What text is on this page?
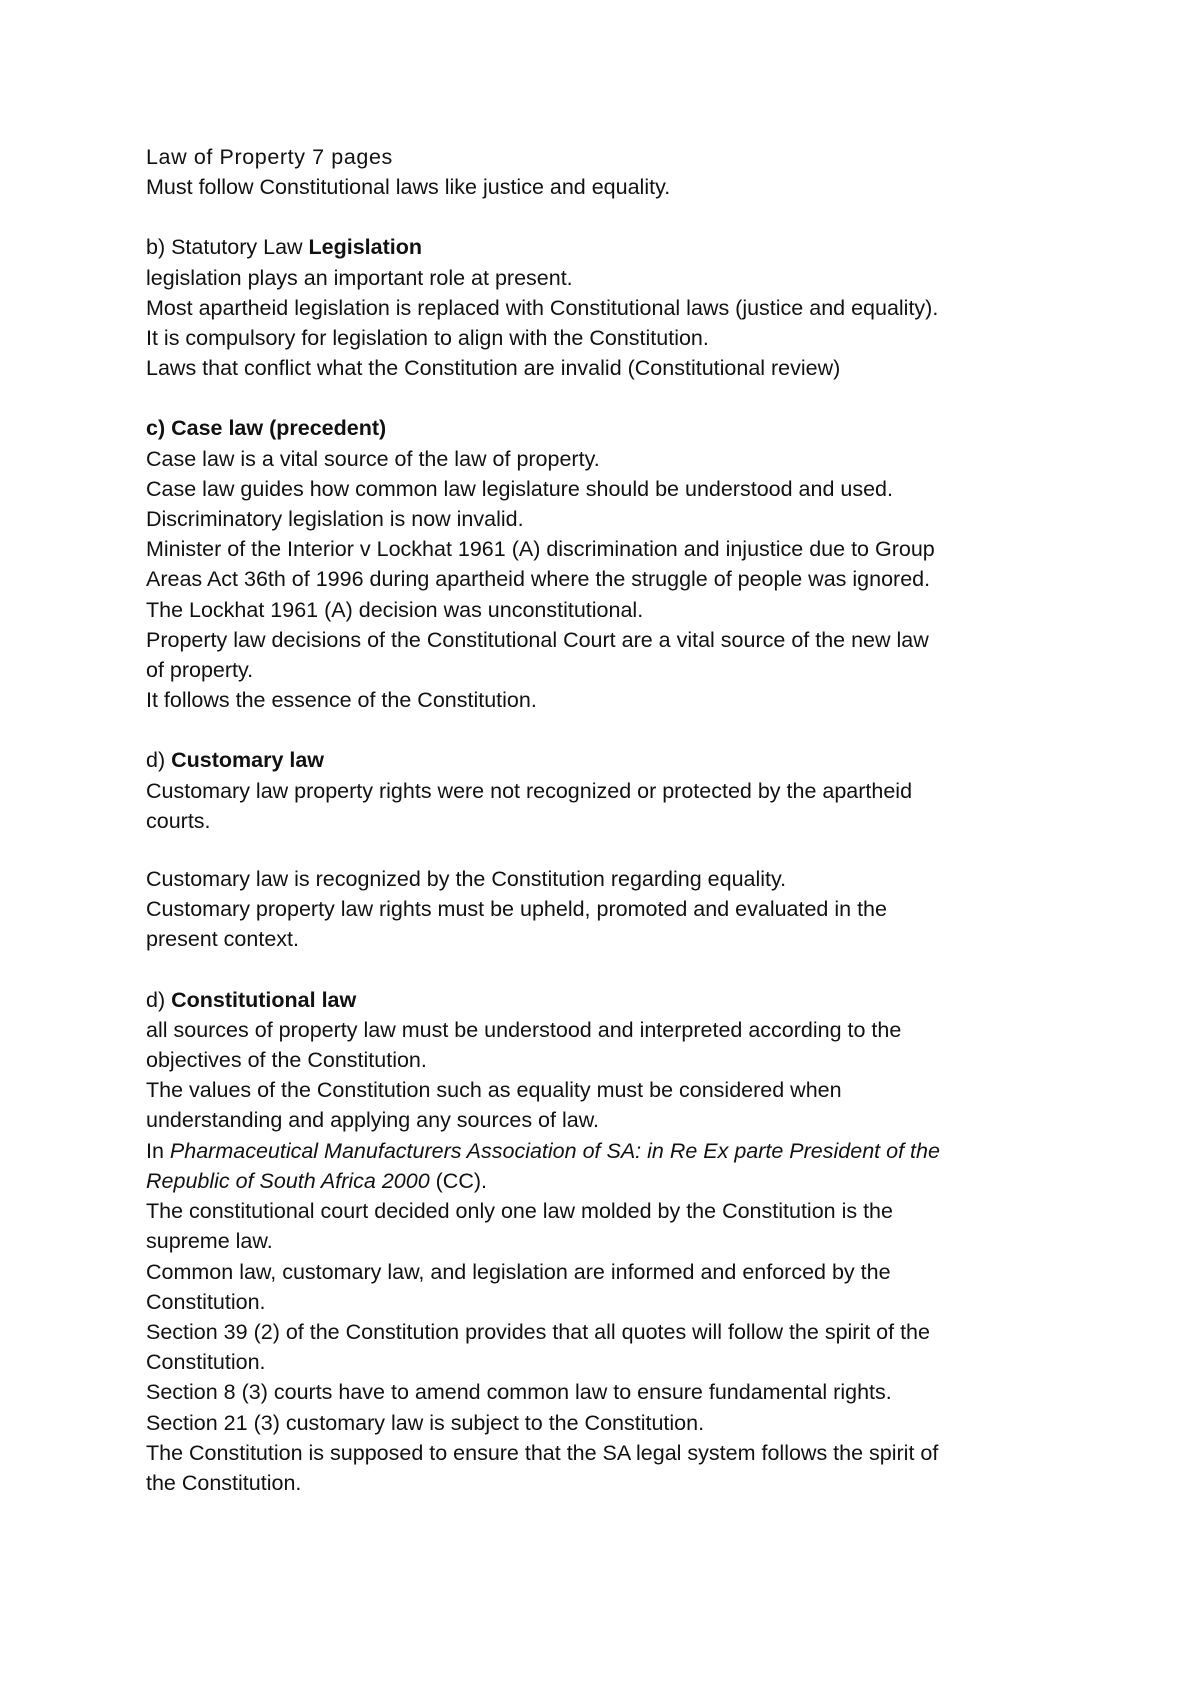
Law of Property 7 pages

Must follow Constitutional laws like justice and equality.

b) Statutory Law Legislation

legislation plays an important role at present.

Most apartheid legislation is replaced with Constitutional laws (justice and equality).

It is compulsory for legislation to align with the Constitution.

Laws that conflict what the Constitution are invalid (Constitutional review)

c) Case law (precedent)

Case law is a vital source of the law of property.

Case law guides how common law legislature should be understood and used.

Discriminatory legislation is now invalid.

Minister of the Interior v Lockhat 1961 (A) discrimination and injustice due to Group

Areas Act 36th of 1996 during apartheid where the struggle of people was ignored.

The Lockhat 1961 (A) decision was unconstitutional.

Property law decisions of the Constitutional Court are a vital source of the new law

of property.

It follows the essence of the Constitution.

d) Customary law

Customary law property rights were not recognized or protected by the apartheid

courts.

Customary law is recognized by the Constitution regarding equality.

Customary property law rights must be upheld, promoted and evaluated in the

present context.

d) Constitutional law

all sources of property law must be understood and interpreted according to the

objectives of the Constitution.

The values of the Constitution such as equality must be considered when

understanding and applying any sources of law.

In Pharmaceutical Manufacturers Association of SA: in Re Ex parte President of the

Republic of South Africa 2000 (CC).

The constitutional court decided only one law molded by the Constitution is the

supreme law.

Common law, customary law, and legislation are informed and enforced by the

Constitution.

Section 39 (2) of the Constitution provides that all quotes will follow the spirit of the

Constitution.

Section 8 (3) courts have to amend common law to ensure fundamental rights.

Section 21 (3) customary law is subject to the Constitution.

The Constitution is supposed to ensure that the SA legal system follows the spirit of

the Constitution.
